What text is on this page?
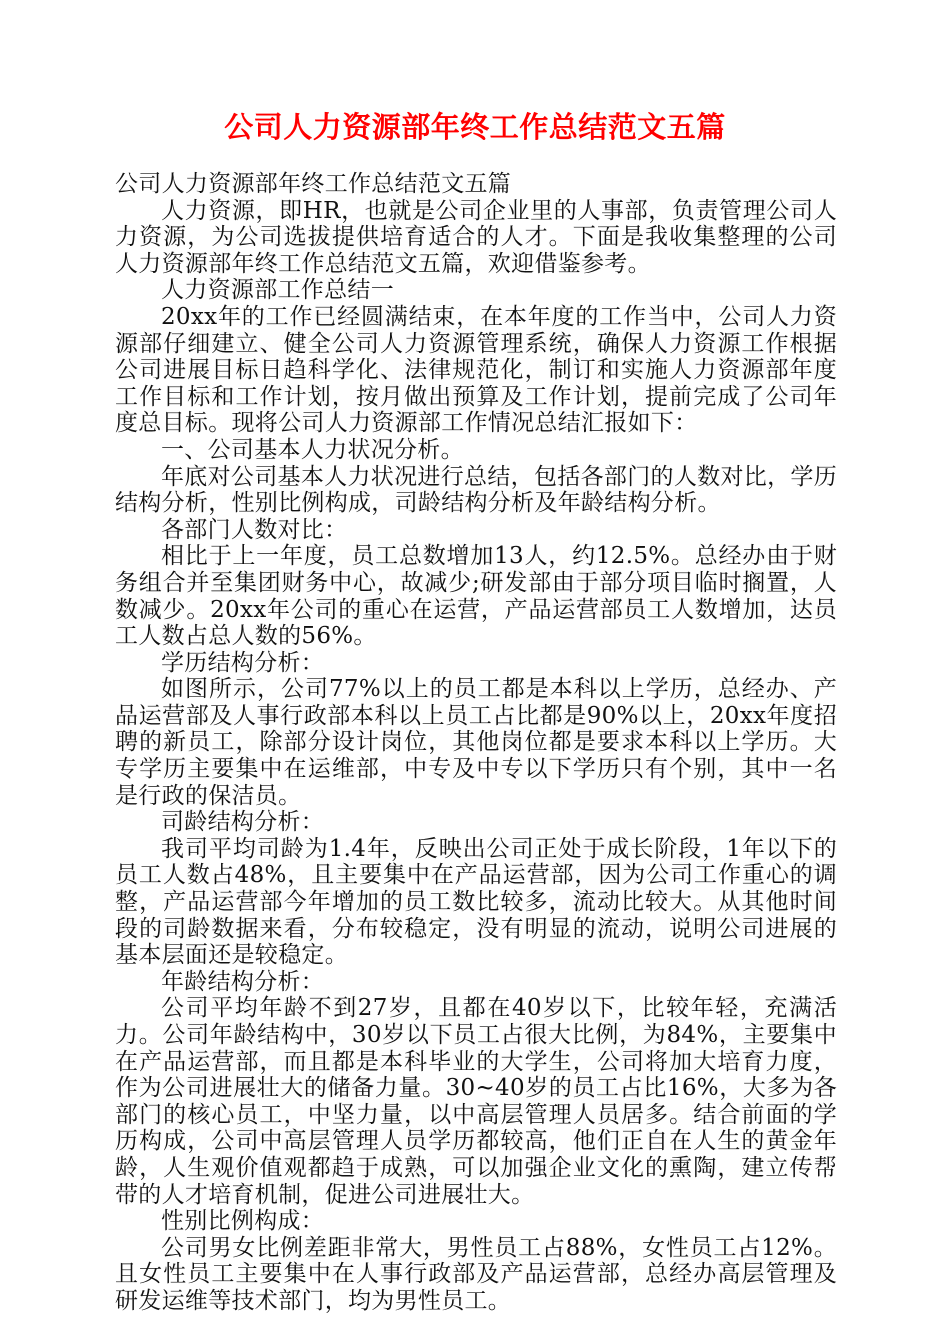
公司人力资源部年终工作总结范文五篇

公司人力资源部年终工作总结范文五篇

人力资源，即HR，也就是公司企业里的人事部，负责管理公司人力资源，为公司选拔提供培育适合的人才。下面是我收集整理的公司人力资源部年终工作总结范文五篇，欢迎借鉴参考。

人力资源部工作总结一

20xx年的工作已经圆满结束，在本年度的工作当中，公司人力资源部仔细建立、健全公司人力资源管理系统，确保人力资源工作根据公司进展目标日趋科学化、法律规范化，制订和实施人力资源部年度工作目标和工作计划，按月做出预算及工作计划，提前完成了公司年度总目标。现将公司人力资源部工作情况总结汇报如下：

一、公司基本人力状况分析。

年底对公司基本人力状况进行总结，包括各部门的人数对比，学历结构分析，性别比例构成，司龄结构分析及年龄结构分析。

各部门人数对比：

相比于上一年度，员工总数增加13人，约12.5%。总经办由于财务组合并至集团财务中心，故减少;研发部由于部分项目临时搁置，人数减少。20xx年公司的重心在运营，产品运营部员工人数增加，达员工人数占总人数的56%。

学历结构分析：

如图所示，公司77%以上的员工都是本科以上学历，总经办、产品运营部及人事行政部本科以上员工占比都是90%以上，20xx年度招聘的新员工，除部分设计岗位，其他岗位都是要求本科以上学历。大专学历主要集中在运维部，中专及中专以下学历只有个别，其中一名是行政的保洁员。

司龄结构分析：

我司平均司龄为1.4年，反映出公司正处于成长阶段，1年以下的员工人数占48%，且主要集中在产品运营部，因为公司工作重心的调整，产品运营部今年增加的员工数比较多，流动比较大。从其他时间段的司龄数据来看，分布较稳定，没有明显的流动，说明公司进展的基本层面还是较稳定。

年龄结构分析：

公司平均年龄不到27岁，且都在40岁以下，比较年轻，充满活力。公司年龄结构中，30岁以下员工占很大比例，为84%，主要集中在产品运营部，而且都是本科毕业的大学生，公司将加大培育力度，作为公司进展壮大的储备力量。30~40岁的员工占比16%，大多为各部门的核心员工，中坚力量，以中高层管理人员居多。结合前面的学历构成，公司中高层管理人员学历都较高，他们正自在人生的黄金年龄，人生观价值观都趋于成熟，可以加强企业文化的熏陶，建立传帮带的人才培育机制，促进公司进展壮大。

性别比例构成：

公司男女比例差距非常大，男性员工占88%，女性员工占12%。且女性员工主要集中在人事行政部及产品运营部，总经办高层管理及研发运维等技术部门，均为男性员工。
